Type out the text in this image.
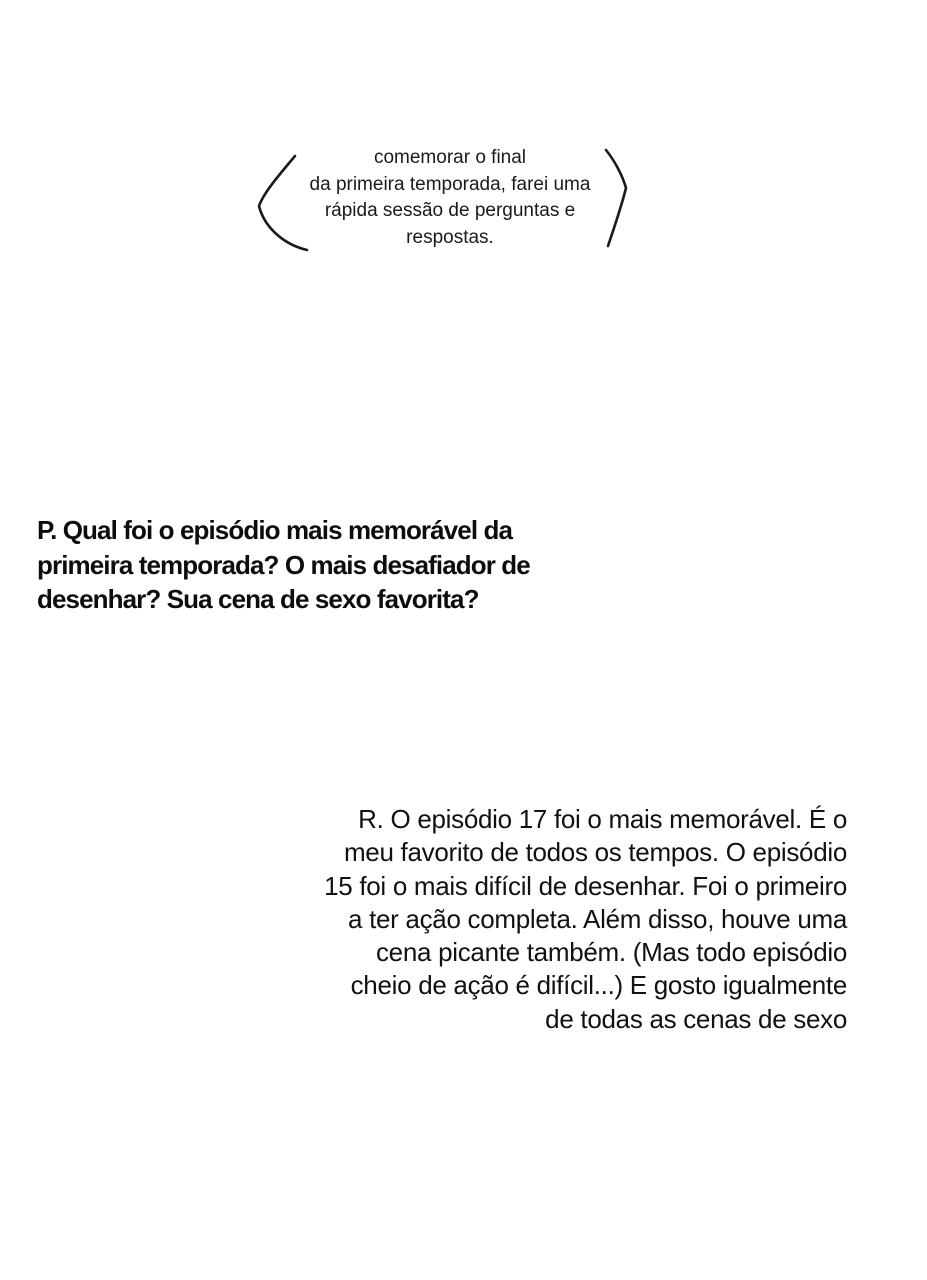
comemorar o final
da primeira temporada, farei uma
rápida sessão de perguntas e
respostas.
P. Qual foi o episódio mais memorável da
primeira temporada? O mais desafiador de
desenhar? Sua cena de sexo favorita?
R. O episódio 17 foi o mais memorável. É o
meu favorito de todos os tempos. O episódio
15 foi o mais difícil de desenhar. Foi o primeiro
a ter ação completa. Além disso, houve uma
cena picante também. (Mas todo episódio
cheio de ação é difícil...) E gosto igualmente
de todas as cenas de sexo
